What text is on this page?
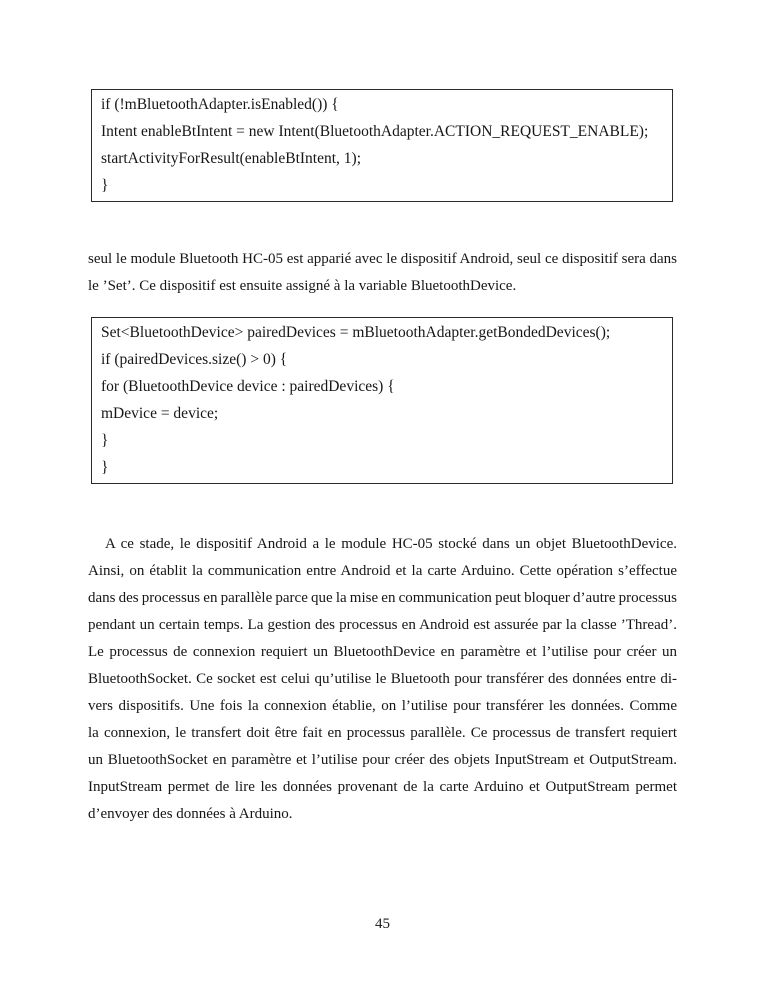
if (!mBluetoothAdapter.isEnabled()) {
Intent enableBtIntent = new Intent(BluetoothAdapter.ACTION_REQUEST_ENABLE);
startActivityForResult(enableBtIntent, 1);
}
seul le module Bluetooth HC-05 est apparié avec le dispositif Android, seul ce dispositif sera dans
le ’Set’. Ce dispositif est ensuite assigné à la variable BluetoothDevice.
Set<BluetoothDevice> pairedDevices = mBluetoothAdapter.getBondedDevices();
if (pairedDevices.size() > 0) {
for (BluetoothDevice device : pairedDevices) {
mDevice = device;
}
}
A ce stade, le dispositif Android a le module HC-05 stocké dans un objet BluetoothDevice.
Ainsi, on établit la communication entre Android et la carte Arduino. Cette opération s’effectue
dans des processus en parallèle parce que la mise en communication peut bloquer d’autre processus
pendant un certain temps. La gestion des processus en Android est assurée par la classe ’Thread’.
Le processus de connexion requiert un BluetoothDevice en paramètre et l’utilise pour créer un
BluetoothSocket. Ce socket est celui qu’utilise le Bluetooth pour transférer des données entre di-
vers dispositifs. Une fois la connexion établie, on l’utilise pour transférer les données. Comme
la connexion, le transfert doit être fait en processus parallèle. Ce processus de transfert requiert
un BluetoothSocket en paramètre et l’utilise pour créer des objets InputStream et OutputStream.
InputStream permet de lire les données provenant de la carte Arduino et OutputStream permet
d’envoyer des données à Arduino.
45
